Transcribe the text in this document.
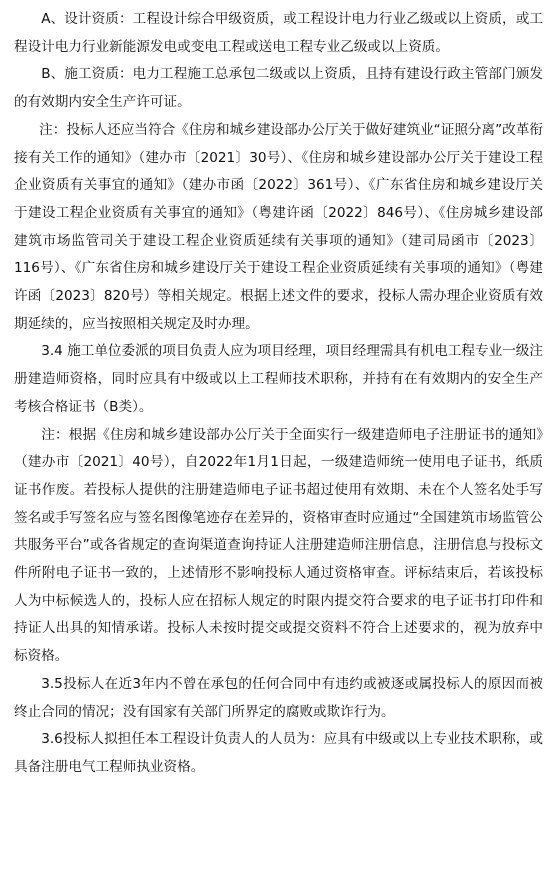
A、设计资质：工程设计综合甲级资质，或工程设计电力行业乙级或以上资质，或工程设计电力行业新能源发电或变电工程或送电工程专业乙级或以上资质。

B、施工资质：电力工程施工总承包二级或以上资质，且持有建设行政主管部门颁发的有效期内安全生产许可证。

注：投标人还应当符合《住房和城乡建设部办公厅关于做好建筑业“证照分离”改革衔接有关工作的通知》（建办市〔2021〕30号）、《住房和城乡建设部办公厅关于建设工程企业资质有关事宜的通知》（建办市函〔2022〕361号）、《广东省住房和城乡建设厅关于建设工程企业资质有关事宜的通知》（粤建许函〔2022〕846号）、《住房城乡建设部建筑市场监管司关于建设工程企业资质延续有关事项的通知》（建司局函市〔2023〕116号）、《广东省住房和城乡建设厅关于建设工程企业资质延续有关事项的通知》（粤建许函〔2023〕820号）等相关规定。根据上述文件的要求，投标人需办理企业资质有效期延续的，应当按照相关规定及时办理。

3.4 施工单位委派的项目负责人应为项目经理，项目经理需具有机电工程专业一级注册建造师资格，同时应具有中级或以上工程师技术职称，并持有在有效期内的安全生产考核合格证书（B类）。

注：根据《住房和城乡建设部办公厅关于全面实行一级建造师电子注册证书的通知》（建办市〔2021〕40号），自2022年1月1日起，一级建造师统一使用电子证书，纸质证书作废。若投标人提供的注册建造师电子证书超过使用有效期、未在个人签名处手写签名或手写签名应与签名图像笔迹存在差异的，资格审查时应通过“全国建筑市场监管公共服务平台”或各省规定的查询渠道查询持证人注册建造师注册信息，注册信息与投标文件所附电子证书一致的，上述情形不影响投标人通过资格审查。评标结束后，若该投标人为中标候选人的，投标人应在招标人规定的时限内提交符合要求的电子证书打印件和持证人出具的知情承诺。投标人未按时提交或提交资料不符合上述要求的，视为放弃中标资格。

3.5投标人在近3年内不曾在承包的任何合同中有违约或被逐或属投标人的原因而被终止合同的情况；没有国家有关部门所界定的腐败或欺诈行为。

3.6投标人拟担任本工程设计负责人的人员为：应具有中级或以上专业技术职称，或具备注册电气工程师执业资格。
